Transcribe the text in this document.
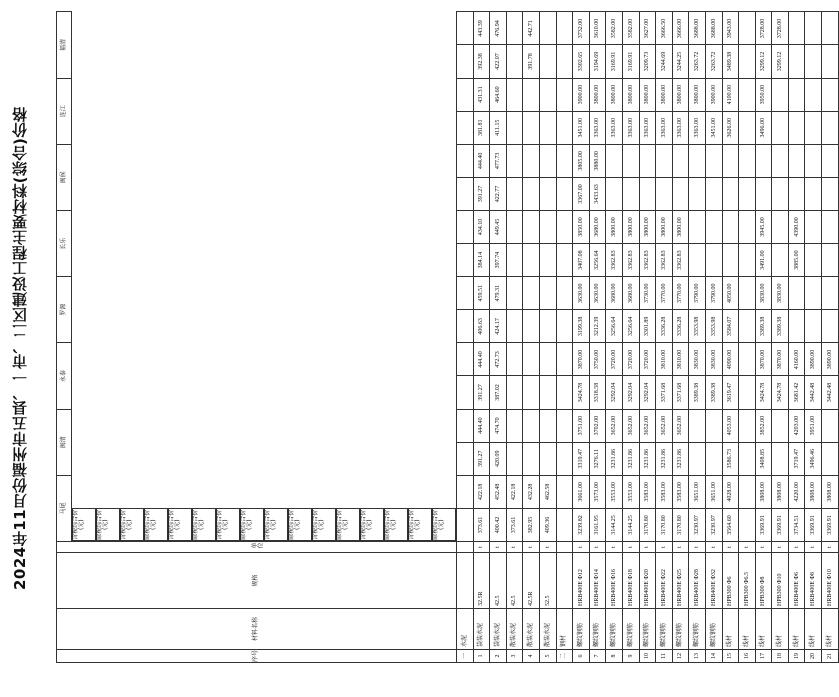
2024年11月份福州市五县、一市、二区建设工程主要材料(综合)价格
序号	材料名称	规格	单位	马尾		闽清		永泰		罗源		长乐		闽侯		连江		福清	

含税综合价(元)	除税综合价(元)	含税综合价(元)	除税综合价(元)	含税综合价(元)	除税综合价(元)	含税综合价(元)	除税综合价(元)	含税综合价(元)	除税综合价(元)	含税综合价(元)	除税综合价(元)	含税综合价(元)	除税综合价(元)	含税综合价(元)	除税综合价(元)

一	水泥																		
1	袋装水泥	32.5R	t	373.61	422.18	391.27	444.40	391.27	444.40	406.63	459.51	384.14	434.10	391.27	444.40	381.81	431.31	392.38	443.39
2	袋装水泥	42.5	t	400.42	452.48	420.09	474.70	387.02	472.73	424.17	479.31	397.74	449.45	422.77	477.73	411.15	464.60	422.07	476.94
3	散装水泥	42.5	t	373.61	422.18														
4	散装水泥	42.5R	t	382.95	432.28													391.78	442.71
5	散装水泥	52.5	t	409.36	462.58														
二	钢材																		
6	螺纹钢筋	HRB400E Φ12	t	3239.82	3661.00	3319.47	3751.00	3424.78	3870.00	3199.38	3630.00	3407.08	3850.00	3367.00	3805.00	3451.00	3900.00	3302.65	3732.00
7	螺纹钢筋	HRB400E Φ14	t	3161.95	3573.00	3276.11	3702.00	3318.58	3750.00	3212.39	3630.00	3256.64	3680.00	3433.63	3880.00	3363.00	3800.00	3194.69	3610.00
8	螺纹钢筋	HRB400E Φ16	t	3144.25	3553.00	3231.86	3652.00	3292.04	3720.00	3256.64	3680.00	3362.83	3800.00			3363.00	3800.00	3169.91	3582.00
9	螺纹钢筋	HRB400E Φ18	t	3144.25	3553.00	3231.86	3652.00	3292.04	3720.00	3256.64	3680.00	3362.83	3800.00			3363.00	3800.00	3169.91	3582.00
10	螺纹钢筋	HRB400E Φ20	t	3170.80	3583.00	3231.86	3652.00	3292.04	3720.00	3301.89	3730.00	3362.83	3800.00			3363.00	3800.00	3209.73	3627.00
11	螺纹钢筋	HRB400E Φ22	t	3170.80	3583.00	3231.86	3652.00	3371.68	3810.00	3336.28	3770.00	3362.83	3800.00			3363.00	3800.00	3244.69	3666.50
12	螺纹钢筋	HRB400E Φ25	t	3170.80	3583.00	3231.86	3652.00	3371.68	3810.00	3336.28	3770.00	3362.83	3800.00			3363.00	3800.00	3244.25	3666.00
13	螺纹钢筋	HRB400E Φ28	t	3230.97	3651.00			3389.38	3830.00	3353.98	3790.00					3363.00	3800.00	3263.72	3688.00
14	螺纹钢筋	HRB400E Φ32	t	3230.97	3651.00			3389.38	3830.00	3353.98	3790.00					3451.00	3900.00	3263.72	3688.00
15	线材	HPB300 Φ6	t	3564.60	4028.00	3586.73	4053.00	3619.47	4090.00	3584.07	4050.00					3626.00	4100.00	3489.38	3943.00
16	线材	HPB300 Φ6.5	t																
17	线材	HPB300 Φ8	t	3369.91	3808.00	3408.85	3852.00	3424.78	3870.00	3389.38	3830.00	3491.00	3945.00			3496.00	3950.00	3299.12	3728.00
18	线材	HPB300 Φ10	t	3369.91	3808.00			3424.78	3870.00	3389.38	3830.00							3299.12	3728.00
19	线材	HRB400E Φ6	t	3734.51	4220.00	3719.47	4203.00	3681.42	4160.00			3885.00	4390.00						
20	线材	HRB400E Φ8	t	3369.91	3808.00	3496.46	3951.00	3442.48	3890.00										
21	线材	HRB400E Φ10	t	3369.91	3808.00			3442.48	3890.00										
